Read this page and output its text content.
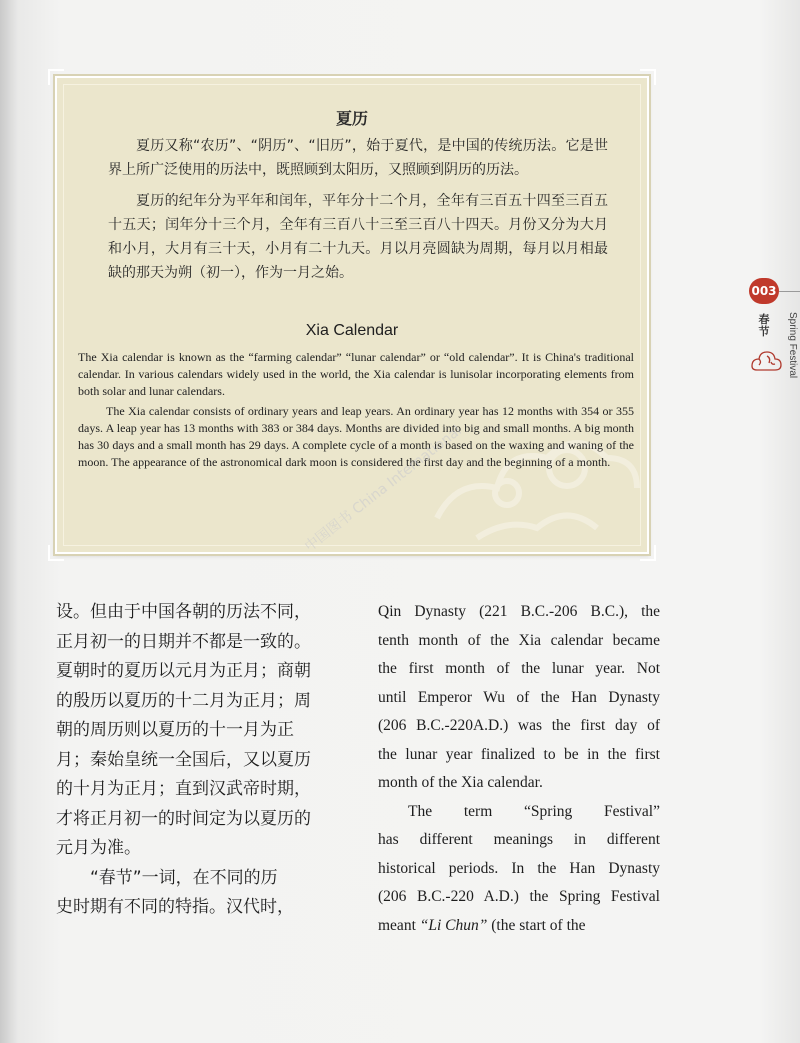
夏历

夏历又称“农历”、“阴历”、“旧历”，始于夏代，是中国的传统历法。它是世界上所广泛使用的历法中，既照顾到太阳历，又照顾到阴历的历法。

夏历的纪年分为平年和闰年，平年分十二个月，全年有三百五十四至三百五十五天；闰年分十三个月，全年有三百八十三至三百八十四天。月份又分为大月和小月，大月有三十天，小月有二十九天。月以月亮圆缺为周期，每月以月相最缺的那天为朔（初一），作为一月之始。

Xia Calendar

The Xia calendar is known as the “farming calendar” “lunar calendar” or “old calendar”. It is China's traditional calendar. In various calendars widely used in the world, the Xia calendar is lunisolar incorporating elements from both solar and lunar calendars.

The Xia calendar consists of ordinary years and leap years. An ordinary year has 12 months with 354 or 355 days. A leap year has 13 months with 383 or 384 days. Months are divided into big and small months. A big month has 30 days and a small month has 29 days. A complete cycle of a month is based on the waxing and waning of the moon. The appearance of the astronomical dark moon is considered the first day and the beginning of a month.

中国图书 China International
003
春节 Spring Festival

设。但由于中国各朝的历法不同，

正月初一的日期并不都是一致的。

夏朝时的夏历以元月为正月；商朝

的殷历以夏历的十二月为正月；周

朝的周历则以夏历的十一月为正

月；秦始皇统一全国后，又以夏历

的十月为正月；直到汉武帝时期，

才将正月初一的时间定为以夏历的

元月为准。

“春节”一词，在不同的历

史时期有不同的特指。汉代时，

Qin Dynasty (221 B.C.-206 B.C.), the

tenth month of the Xia calendar became

the first month of the lunar year. Not

until Emperor Wu of the Han Dynasty

(206 B.C.-220A.D.) was the first day of

the lunar year finalized to be in the first

month of the Xia calendar.

The term “Spring Festival”

has different meanings in different

historical periods. In the Han Dynasty

(206 B.C.-220 A.D.) the Spring Festival

meant “Li Chun” (the start of the
